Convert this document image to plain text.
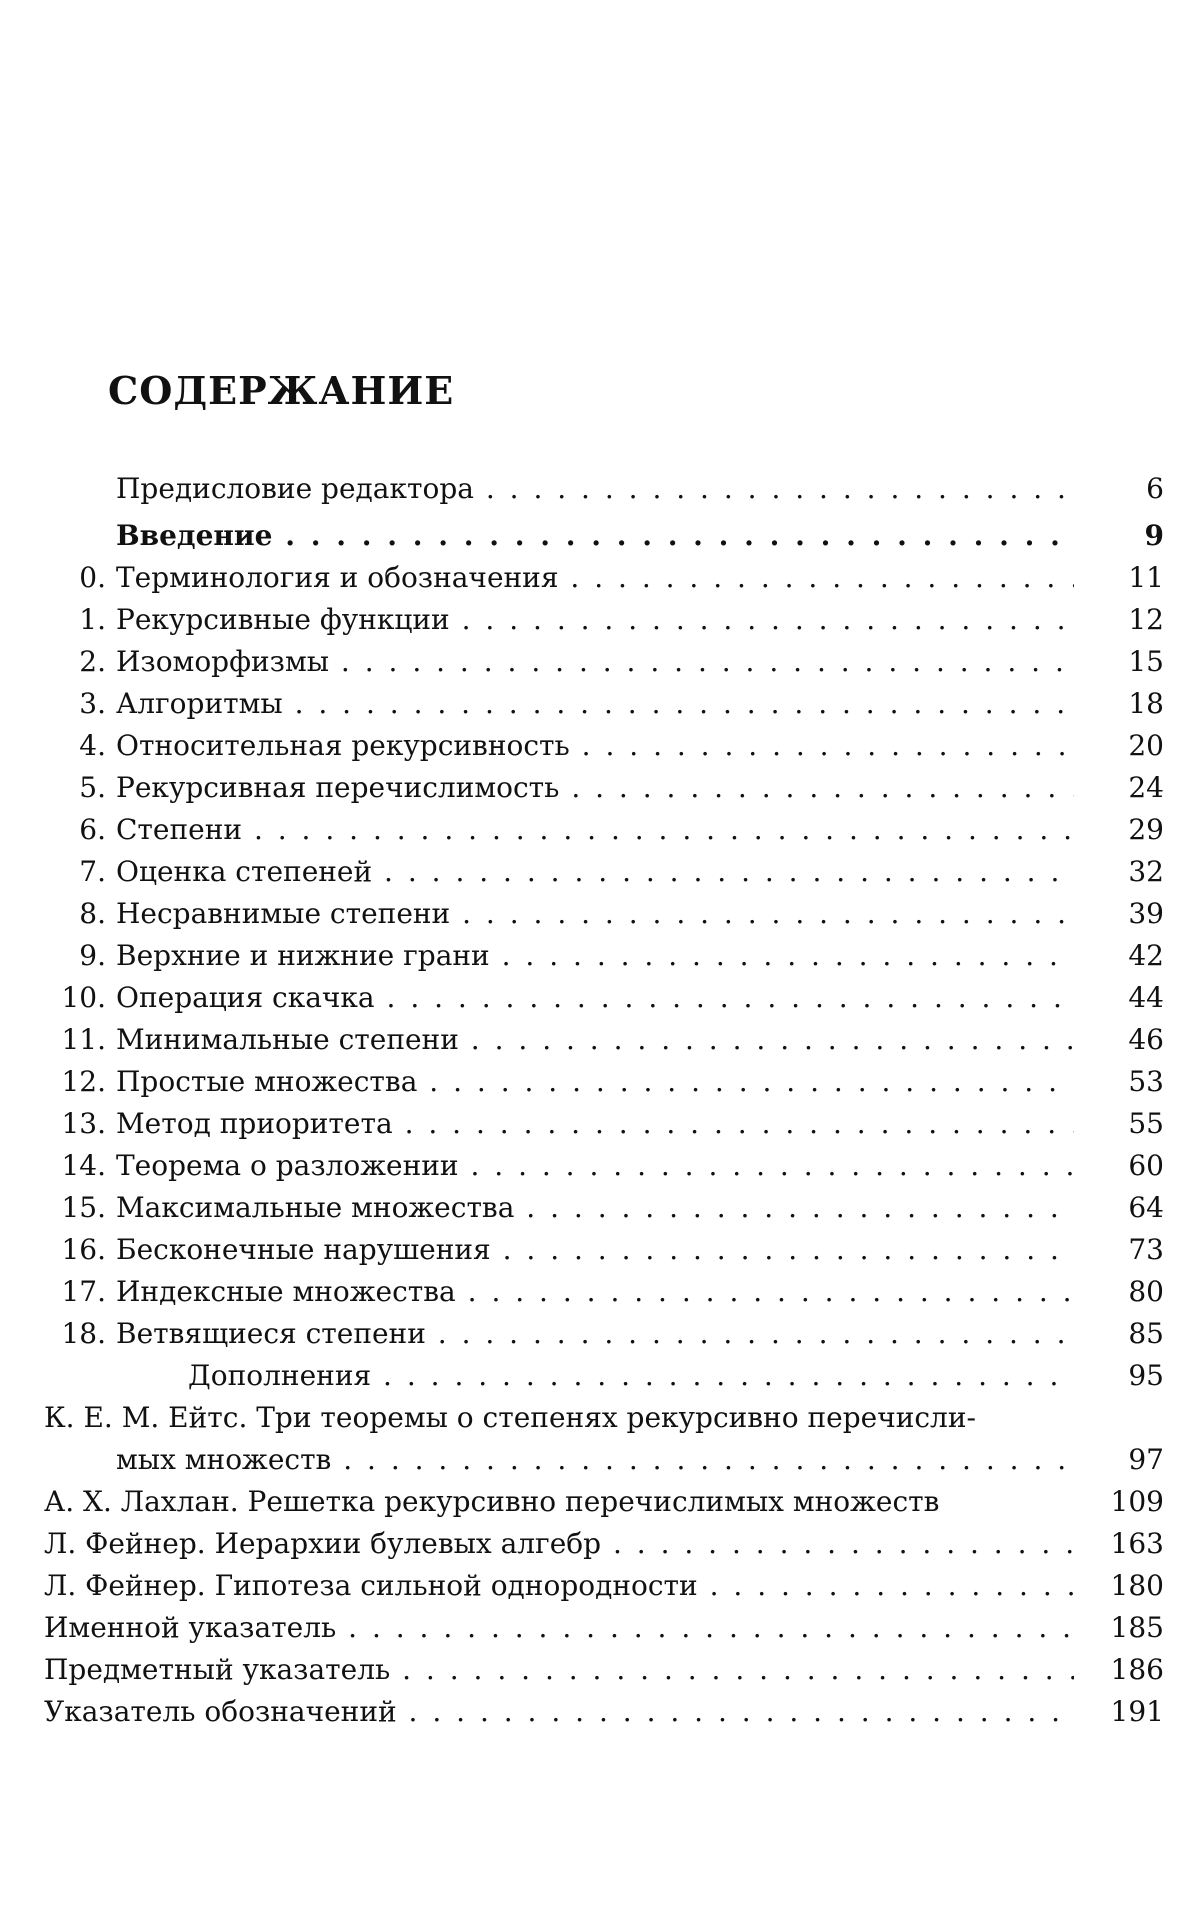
СОДЕРЖАНИЕ
Предисловие редактора . . .	6
Введение . . .	9
0. Терминология и обозначения . . .	11
1. Рекурсивные функции . . .	12
2. Изоморфизмы . . .	15
3. Алгоритмы . . .	18
4. Относительная рекурсивность . . .	20
5. Рекурсивная перечислимость . . .	24
6. Степени . . .	29
7. Оценка степеней . . .	32
8. Несравнимые степени . . .	39
9. Верхние и нижние грани . . .	42
10. Операция скачка . . .	44
11. Минимальные степени . . .	46
12. Простые множества . . .	53
13. Метод приоритета . . .	55
14. Теорема о разложении . . .	60
15. Максимальные множества . . .	64
16. Бесконечные нарушения . . .	73
17. Индексные множества . . .	80
18. Ветвящиеся степени . . .	85
Дополнения . . .	95
К. Е. М. Ейтс. Три теоремы о степенях рекурсивно перечисли-
мых множеств . . .	97
А. Х. Лахлан. Решетка рекурсивно перечислимых множеств	109
Л. Фейнер. Иерархии булевых алгебр . . .	163
Л. Фейнер. Гипотеза сильной однородности . . .	180
Именной указатель . . .	185
Предметный указатель . . .	186
Указатель обозначений . . .	191
